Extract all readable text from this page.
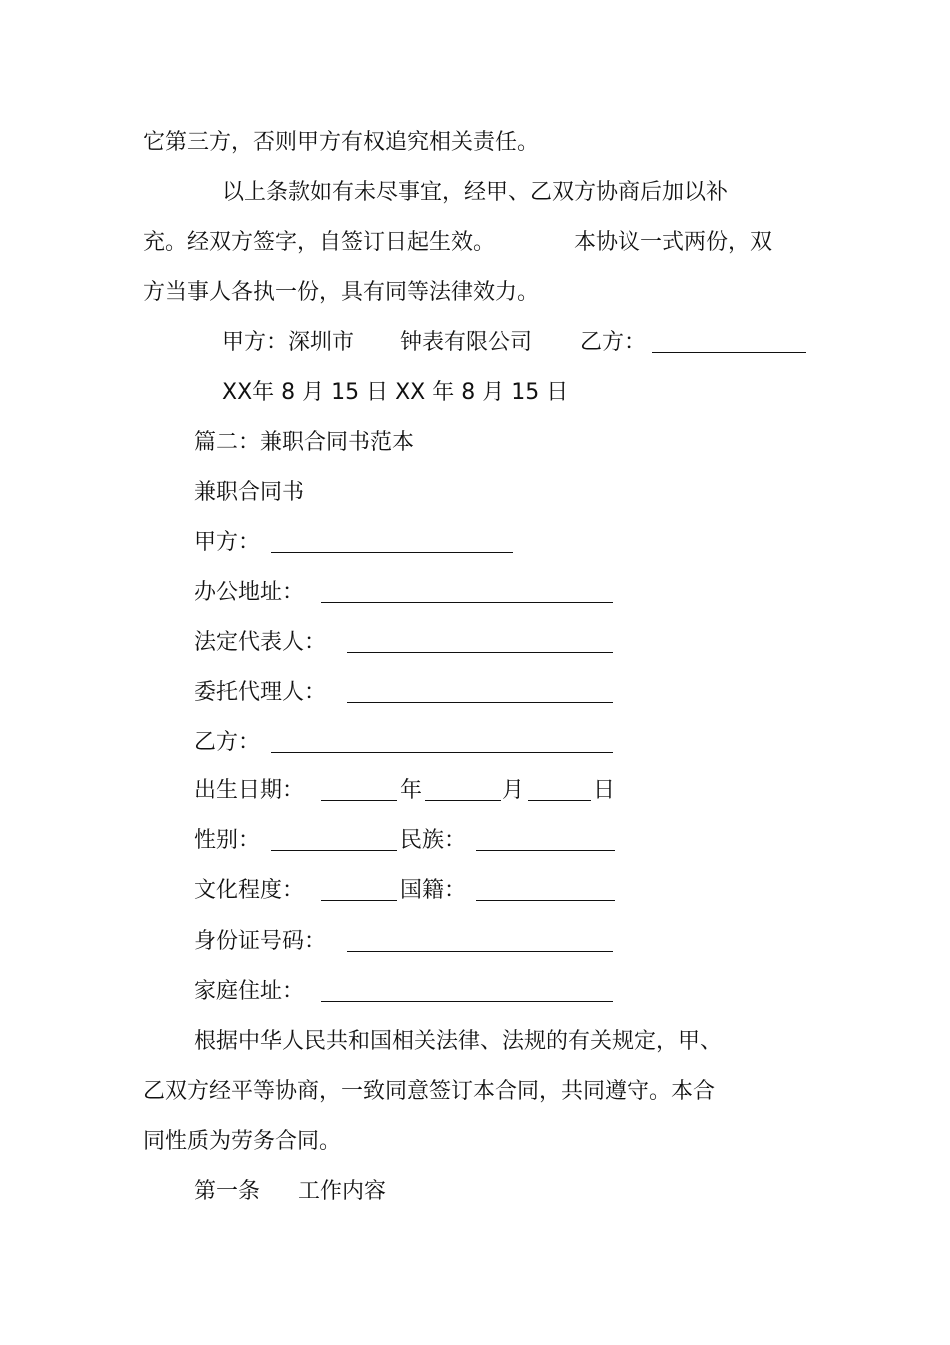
它第三方，否则甲方有权追究相关责任。
以上条款如有未尽事宜，经甲、乙双方协商后加以补
充。经双方签字，自签订日起生效。	本协议一式两份，双
方当事人各执一份，具有同等法律效力。
甲方：深圳市 钟表有限公司 乙方：
XX年 8 月 15 日 XX 年 8 月 15 日
篇二：兼职合同书范本
兼职合同书
甲方：
办公地址：
法定代表人：
委托代理人：
乙方：
出生日期：	年	月	日
性别：	民族：
文化程度：	国籍：
身份证号码：
家庭住址：
根据中华人民共和国相关法律、法规的有关规定，甲、
乙双方经平等协商，一致同意签订本合同，共同遵守。本合
同性质为劳务合同。
第一条 工作内容
